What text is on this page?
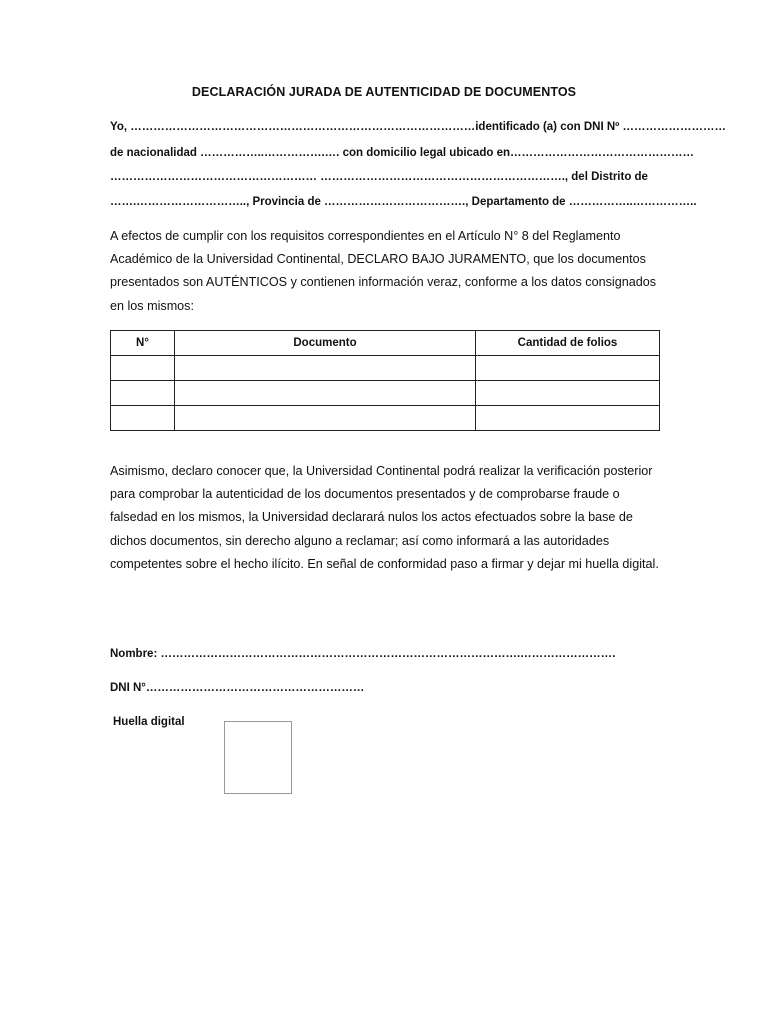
DECLARACIÓN JURADA DE AUTENTICIDAD DE DOCUMENTOS
Yo, ………………………………………………………………………………identificado (a) con DNI Nº ………………………
de nacionalidad ……………..…………….…. con domicilio legal ubicado en…………………………………………
……………………………………………… ………………………………………………………., del Distrito de
…….……………………….., Provincia de ………………………………., Departamento de ……………..……………..

A efectos de cumplir con los requisitos correspondientes en el Artículo N° 8 del Reglamento Académico de la Universidad Continental, DECLARO BAJO JURAMENTO, que los documentos presentados son AUTÉNTICOS y contienen información veraz, conforme a los datos consignados en los mismos:

N°	Documento	Cantidad de folios

Asimismo, declaro conocer que, la Universidad Continental podrá realizar la verificación posterior para comprobar la autenticidad de los documentos presentados y de comprobarse fraude o falsedad en los mismos, la Universidad declarará nulos los actos efectuados sobre la base de dichos documentos, sin derecho alguno a reclamar; así como informará a las autoridades competentes sobre el hecho ilícito. En señal de conformidad paso a firmar y dejar mi huella digital.

Nombre: ………………………………………………………………………………….…………………….
DNI N°…………………………………………………
Huella digital
